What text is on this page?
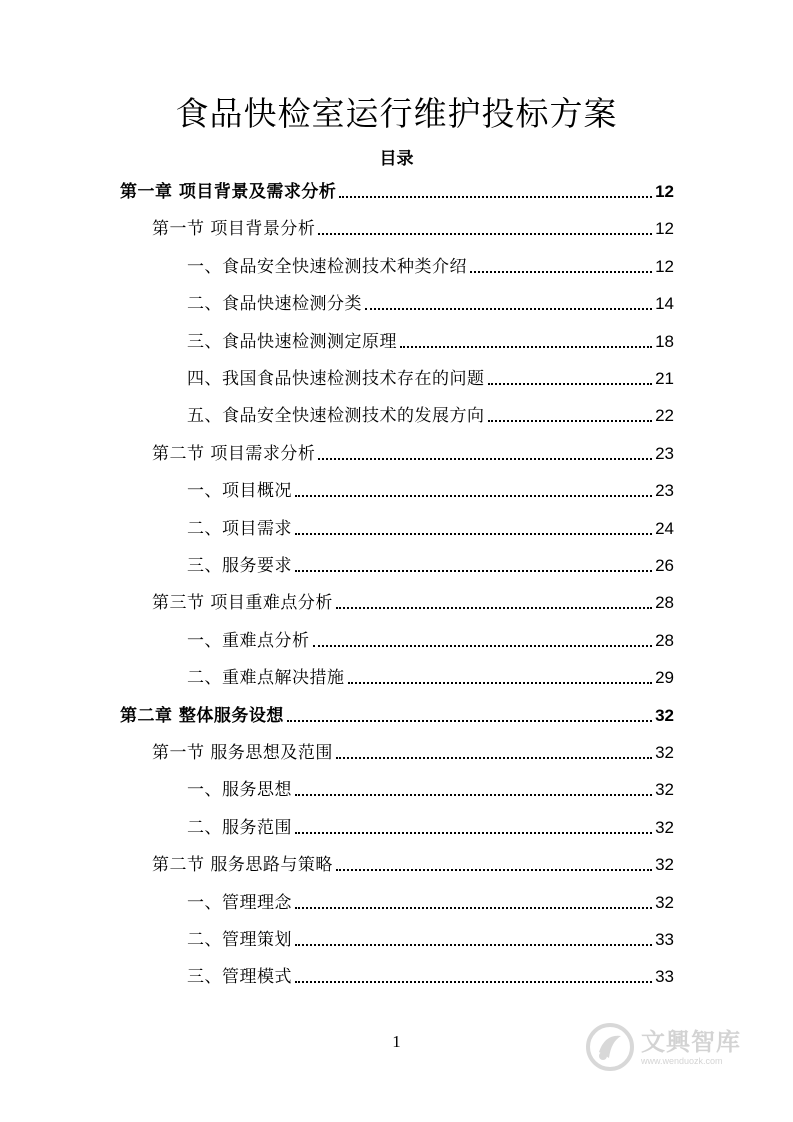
食品快检室运行维护投标方案
目录
第一章 项目背景及需求分析	12
第一节 项目背景分析	12
一、食品安全快速检测技术种类介绍	12
二、食品快速检测分类	14
三、食品快速检测测定原理	18
四、我国食品快速检测技术存在的问题	21
五、食品安全快速检测技术的发展方向	22
第二节 项目需求分析	23
一、项目概况	23
二、项目需求	24
三、服务要求	26
第三节 项目重难点分析	28
一、重难点分析	28
二、重难点解决措施	29
第二章 整体服务设想	32
第一节 服务思想及范围	32
一、服务思想	32
二、服务范围	32
第二节 服务思路与策略	32
一、管理理念	32
二、管理策划	33
三、管理模式	33
1	文興智库
www.wenduozk.com
